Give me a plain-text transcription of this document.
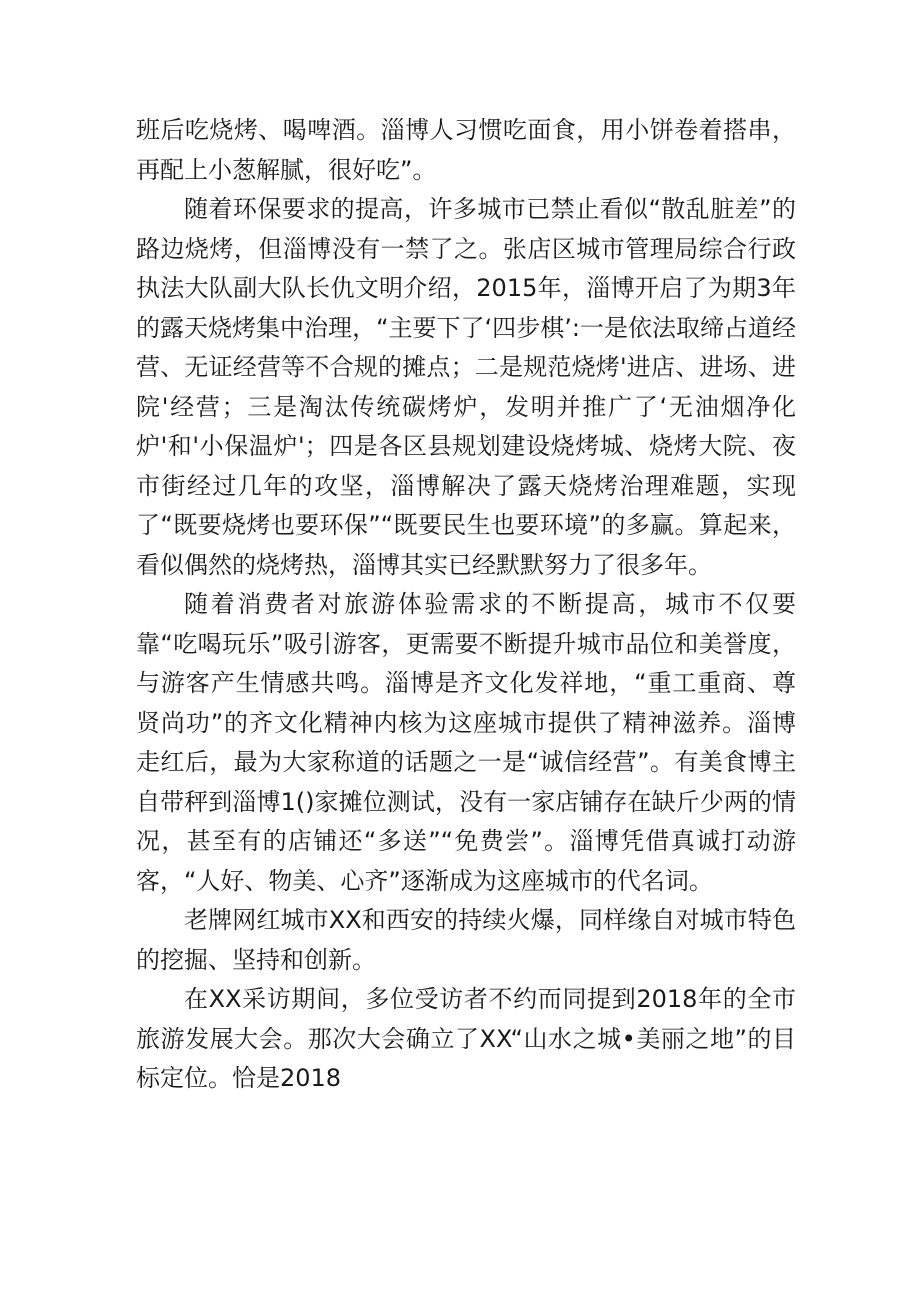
班后吃烧烤、喝啤酒。淄博人习惯吃面食，用小饼卷着搭串，再配上小葱解腻，很好吃”。

随着环保要求的提高，许多城市已禁止看似“散乱脏差”的路边烧烤，但淄博没有一禁了之。张店区城市管理局综合行政执法大队副大队长仇文明介绍，2015年，淄博开启了为期3年的露天烧烤集中治理，“主要下了‘四步棋’:一是依法取缔占道经营、无证经营等不合规的摊点；二是规范烧烤'进店、进场、进院'经营；三是淘汰传统碳烤炉，发明并推广了‘无油烟净化炉'和'小保温炉'；四是各区县规划建设烧烤城、烧烤大院、夜市街经过几年的攻坚，淄博解决了露天烧烤治理难题，实现了“既要烧烤也要环保”“既要民生也要环境”的多赢。算起来，看似偶然的烧烤热，淄博其实已经默默努力了很多年。

随着消费者对旅游体验需求的不断提高，城市不仅要靠“吃喝玩乐”吸引游客，更需要不断提升城市品位和美誉度，与游客产生情感共鸣。淄博是齐文化发祥地，“重工重商、尊贤尚功”的齐文化精神内核为这座城市提供了精神滋养。淄博走红后，最为大家称道的话题之一是“诚信经营”。有美食博主自带秤到淄博1()家摊位测试，没有一家店铺存在缺斤少两的情况，甚至有的店铺还“多送”“免费尝”。淄博凭借真诚打动游客，“人好、物美、心齐”逐渐成为这座城市的代名词。

老牌网红城市XX和西安的持续火爆，同样缘自对城市特色的挖掘、坚持和创新。

在XX采访期间，多位受访者不约而同提到2018年的全市旅游发展大会。那次大会确立了XX“山水之城•美丽之地”的目标定位。恰是2018
